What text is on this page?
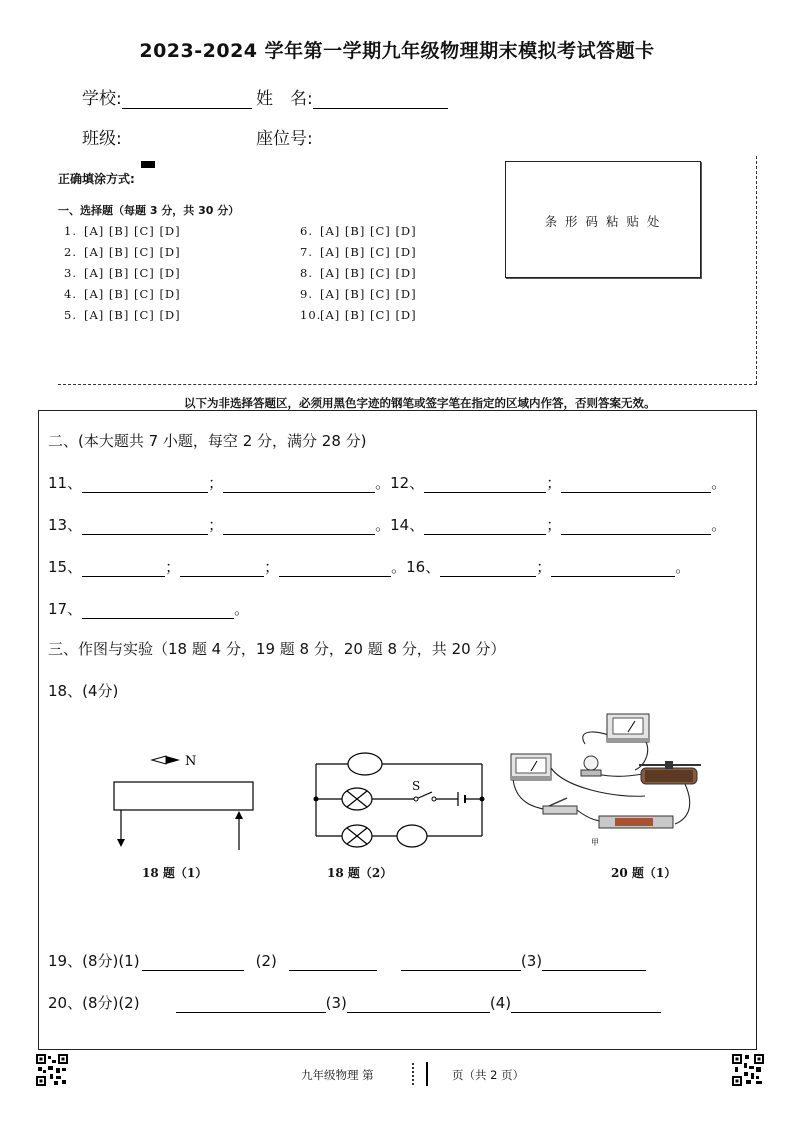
2023-2024 学年第一学期九年级物理期末模拟考试答题卡
学校:	姓　名:
班级:	座位号:
正确填涂方式:
一、选择题（每题 3 分，共 30 分）
1. [A] [B] [C] [D]
2. [A] [B] [C] [D]
3. [A] [B] [C] [D]
4. [A] [B] [C] [D]
5. [A] [B] [C] [D]
6. [A] [B] [C] [D]
7. [A] [B] [C] [D]
8. [A] [B] [C] [D]
9. [A] [B] [C] [D]
10.[A] [B] [C] [D]
条 形 码 粘 贴 处
以下为非选择答题区，必须用黑色字迹的钢笔或签字笔在指定的区域内作答，否则答案无效。
二、(本大题共 7 小题，每空 2 分，满分 28 分)
11、	；	。12、	；	。
13、	；	。14、	；	。
15、	；	；	。16、	；	。
17、	。
三、作图与实验（18 题 4 分，19 题 8 分，20 题 8 分，共 20 分）
18、(4分)
N
S
甲
18 题（1）	18 题（2）	20 题（1）
19、(8分)(1)	(2)	(3)
20、(8分)(2)	(3)	(4)
九年级物理 第	页（共 2 页）
